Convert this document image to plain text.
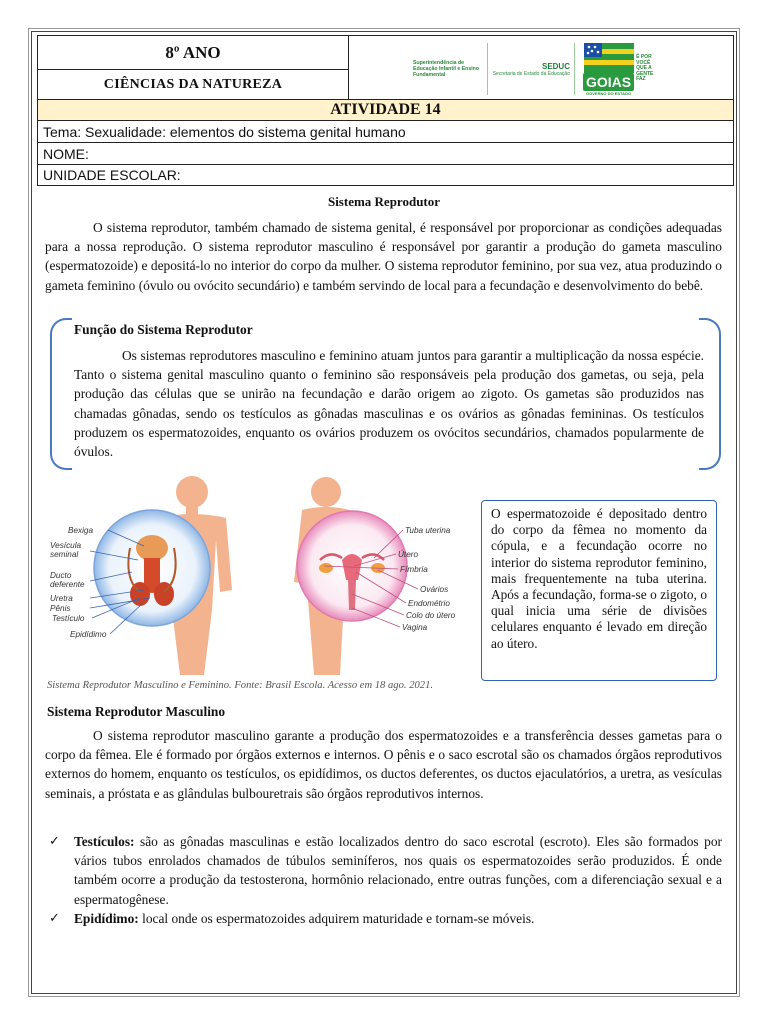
8º ANO
CIÊNCIAS DA NATUREZA
Superintendência de Educação Infantil e Ensino Fundamental
SEDUC
Secretaria de Estado da Educação GOIAS
GOVERNO DO ESTADO
É POR VOCÊ QUE A GENTE FAZ
ATIVIDADE 14
Tema: Sexualidade: elementos do sistema genital humano
NOME:
UNIDADE ESCOLAR:
Sistema Reprodutor
O sistema reprodutor, também chamado de sistema genital, é responsável por proporcionar as condições adequadas para a nossa reprodução. O sistema reprodutor masculino é responsável por garantir a produção do gameta masculino (espermatozoide) e depositá-lo no interior do corpo da mulher. O sistema reprodutor feminino, por sua vez, atua produzindo o gameta feminino (óvulo ou ovócito secundário) e também servindo de local para a fecundação e desenvolvimento do bebê.
Função do Sistema Reprodutor
Os sistemas reprodutores masculino e feminino atuam juntos para garantir a multiplicação da nossa espécie. Tanto o sistema genital masculino quanto o feminino são responsáveis pela produção dos gametas, ou seja, pela produção das células que se unirão na fecundação e darão origem ao zigoto. Os gametas são produzidos nas chamadas gônadas, sendo os testículos as gônadas masculinas e os ovários as gônadas femininas. Os testículos produzem os espermatozoides, enquanto os ovários produzem os ovócitos secundários, chamados popularmente de óvulos.
Bexiga
Vesícula seminal
Ducto deferente
Uretra
Pênis
Testículo
Epidídimo
Tuba uterina
Útero
Fímbria
Ovários
Endométrio
Colo do útero
Vagina
O espermatozoide é depositado dentro do corpo da fêmea no momento da cópula, e a fecundação ocorre no interior do sistema reprodutor feminino, mais frequentemente na tuba uterina. Após a fecundação, forma-se o zigoto, o qual inicia uma série de divisões celulares enquanto é levado em direção ao útero.
Sistema Reprodutor Masculino e Feminino. Fonte: Brasil Escola. Acesso em 18 ago. 2021.
Sistema Reprodutor Masculino
O sistema reprodutor masculino garante a produção dos espermatozoides e a transferência desses gametas para o corpo da fêmea. Ele é formado por órgãos externos e internos. O pênis e o saco escrotal são os chamados órgãos reprodutivos externos do homem, enquanto os testículos, os epidídimos, os ductos deferentes, os ductos ejaculatórios, a uretra, as vesículas seminais, a próstata e as glândulas bulbouretrais são órgãos reprodutivos internos.
✓ Testículos: são as gônadas masculinas e estão localizados dentro do saco escrotal (escroto). Eles são formados por vários tubos enrolados chamados de túbulos seminíferos, nos quais os espermatozoides serão produzidos. É onde também ocorre a produção da testosterona, hormônio relacionado, entre outras funções, com a diferenciação sexual e a espermatogênese.
✓ Epidídimo: local onde os espermatozoides adquirem maturidade e tornam-se móveis.
